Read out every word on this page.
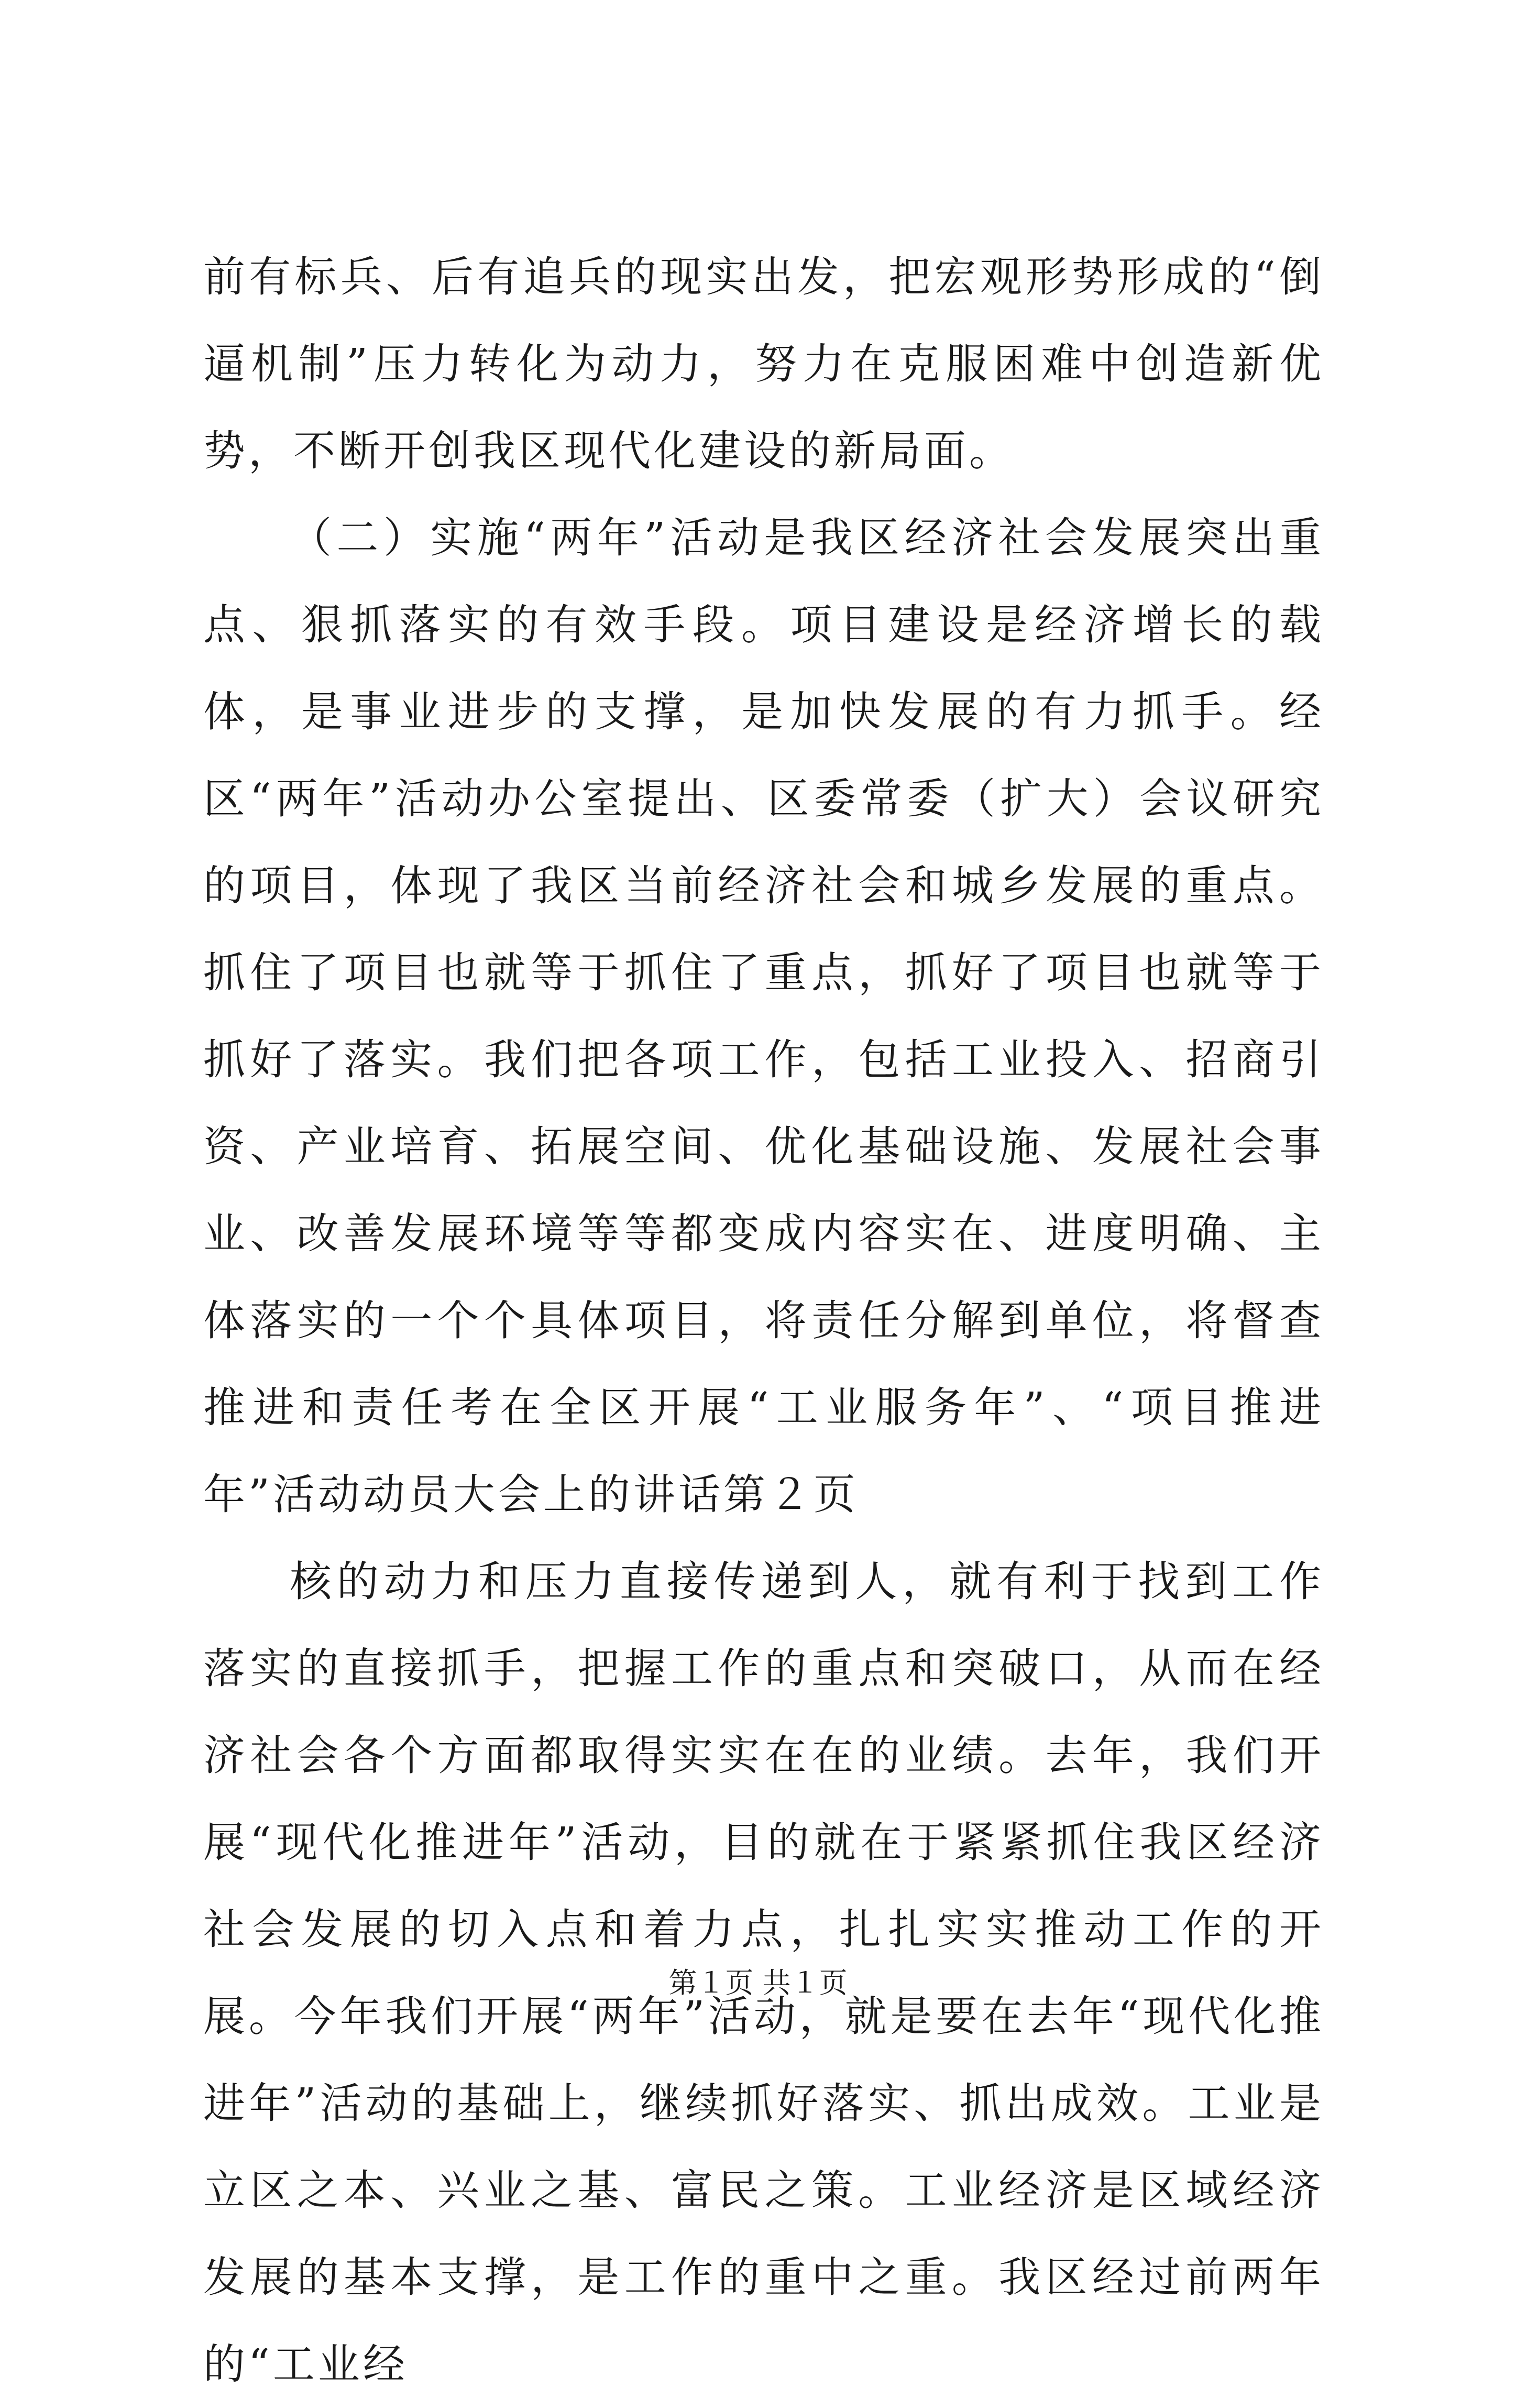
前有标兵、后有追兵的现实出发，把宏观形势形成的“倒逼机制”压力转化为动力，努力在克服困难中创造新优势，不断开创我区现代化建设的新局面。

（二）实施“两年”活动是我区经济社会发展突出重点、狠抓落实的有效手段。项目建设是经济增长的载体，是事业进步的支撑，是加快发展的有力抓手。经区“两年”活动办公室提出、区委常委（扩大）会议研究的项目，体现了我区当前经济社会和城乡发展的重点。抓住了项目也就等于抓住了重点，抓好了项目也就等于抓好了落实。我们把各项工作，包括工业投入、招商引资、产业培育、拓展空间、优化基础设施、发展社会事业、改善发展环境等等都变成内容实在、进度明确、主体落实的一个个具体项目，将责任分解到单位，将督查推进和责任考在全区开展“工业服务年”、“项目推进年”活动动员大会上的讲话第２页

核的动力和压力直接传递到人，就有利于找到工作落实的直接抓手，把握工作的重点和突破口，从而在经济社会各个方面都取得实实在在的业绩。去年，我们开展“现代化推进年”活动，目的就在于紧紧抓住我区经济社会发展的切入点和着力点，扎扎实实推动工作的开展。今年我们开展“两年”活动，就是要在去年“现代化推进年”活动的基础上，继续抓好落实、抓出成效。工业是立区之本、兴业之基、富民之策。工业经济是区域经济发展的基本支撑，是工作的重中之重。我区经过前两年的“工业经

第１页 共１页
